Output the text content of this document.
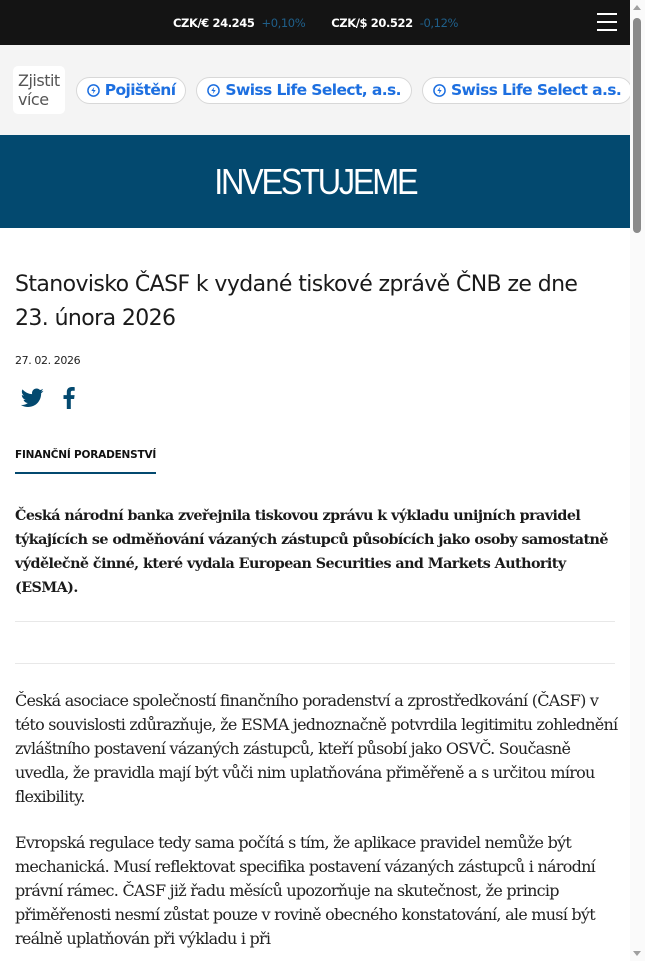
CZK/€ 24.245 +0,10% CZK/$ 20.522 -0,12%
Zjistit více	Pojištění	Swiss Life Select, a.s.	Swiss Life Select a.s.
INVESTUJEME
Stanovisko ČASF k vydané tiskové zprávě ČNB ze dne 23. února 2026
27. 02. 2026
FINANČNÍ PORADENSTVÍ

Česká národní banka zveřejnila tiskovou zprávu k výkladu unijních pravidel týkajících se odměňování vázaných zástupců působících jako osoby samostatně výdělečně činné, které vydala European Securities and Markets Authority (ESMA).

Česká asociace společností finančního poradenství a zprostředkování (ČASF) v této souvislosti zdůrazňuje, že ESMA jednoznačně potvrdila legitimitu zohlednění zvláštního postavení vázaných zástupců, kteří působí jako OSVČ. Současně uvedla, že pravidla mají být vůči nim uplatňována přiměřeně a s určitou mírou flexibility.

Evropská regulace tedy sama počítá s tím, že aplikace pravidel nemůže být mechanická. Musí reflektovat specifika postavení vázaných zástupců i národní právní rámec. ČASF již řadu měsíců upozorňuje na skutečnost, že princip přiměřenosti nesmí zůstat pouze v rovině obecného konstatování, ale musí být reálně uplatňován při výkladu i při
